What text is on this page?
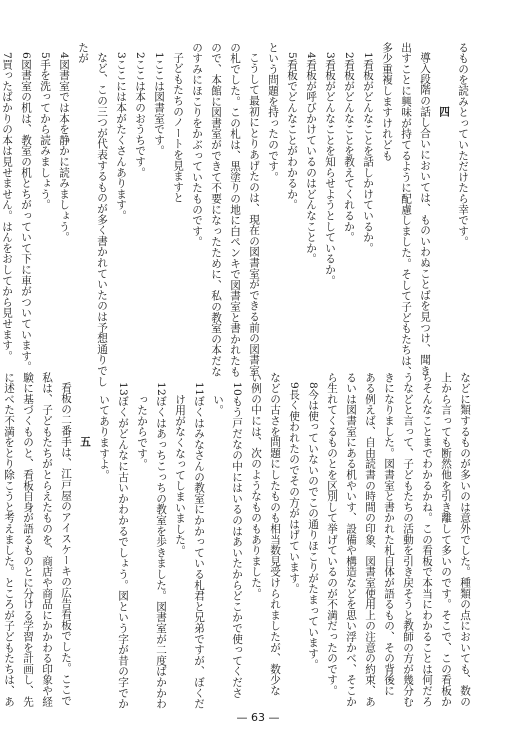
るものを読みとっていただけたら幸です。
四
導入段階の話し合いにおいては、ものいわぬことばを見つけ、聞き
出すことに興味が持てるように配慮しました。そして子どもたちは、
多少重複しますけれども
1看板がどんなことを話しかけているか。
2看板がどんなことを教えてくれるか。
3看板がどんなことを知らせようとしているか。
4看板が呼びかけているのはどんなことか。
5看板でどんなことがわかるか。
という問題を持ったのです。
こうして最初にとりあげたのは、現在の図書室ができる前の図書室
の札でした。この札は、黒塗りの地に白ペンキで図書室と書かれたも
ので、本館に図書室ができて不要になったために、私の教室の本だな
のすみにほこりをかぶっていたものです。
子どもたちのノートを見ますと
1ここは図書室です。
2ここは本のおうちです。
3ここには本がたくさんあります。
など、この三つが代表するものが多く書かれていたのは予想通りでし
たが
4図書室では本を静かに読みましょう。
5手を洗ってから読みましょう。
6図書室の机は、教室の机とちがっていて下に車がついています。
7買ったばかりの本は見せません。はんをおしてから見せます。
などに類するものが多いのは意外でした。種類の点においても、数の
上から言っても断然他を引き離して多いのです。そこで、この看板か
らそんなことまでわかるかね。この看板で本当にわかることは何だろ
うなどと言って、子どもたちの活動を引き戻そうと教師の方が幾分む
きになりました。図書室と書かれた札自体が語るもの、その背後に
ある例えば、自由読書の時間の印象、図書室使用上の注意の約束、あ
るいは図書室にある机やいす、設備や構造などを思い浮かべ、そこか
ら生れてくるものとを区別して挙げているのが不満だったのです。
8今は使っていないのでこの通りほこりがたまっています。
9長く使われたのでその方がはげています。
などの古さを問題にしたものも相当数見受けられましたが、数少な
い例の中には、次のようなものもありました。
10もう戸だなの中にはいるのはあいたからどこかで使ってくださ
い。
11ぼくはみなさんの教室にかかっている札君と兄弟ですが、ぼくだ
け用がなくなってしまいました。
12ぼくはあっちこっちの教室を歩きました。図書室が二度ばかかわ
ったからです。
13ぼくがどんなに古いかわかるでしょう。図という字が昔の字でか
いてありますよ。
五
看板の二番手は、江戸屋のアイスケーキの広告看板でした。ここで
私は、子どもたちがとらえたものを、商店や商品にかかわる印象や経
験に基づくものと、看板自身が語るものとに分ける学習を計画し、先
に述べた不満をとり除こうと考えました。ところが子どもたちは、あ
— 63 —
